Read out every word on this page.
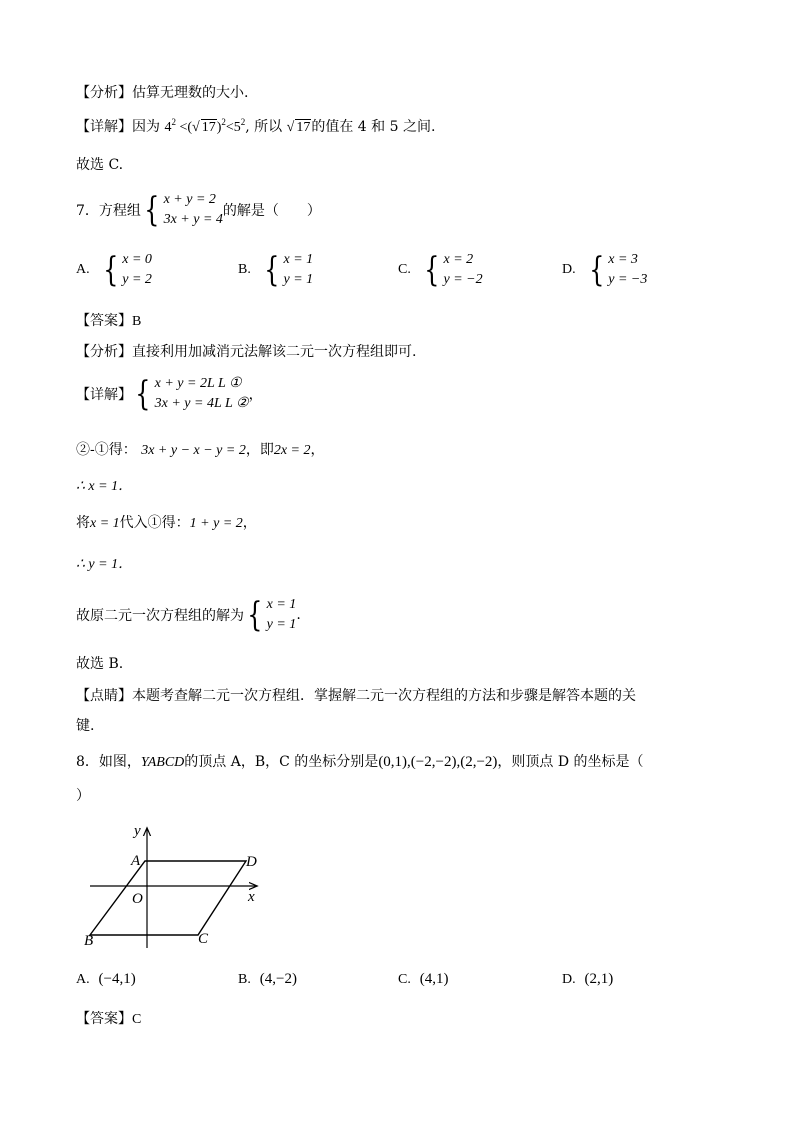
【分析】估算无理数的大小.
【详解】因为 $4^2$ <(√ $17)^2<5^2$, 所以 √ 17的值在 4 和 5 之间.
故选 C.
7．方程组 { x + y = 2
3x + y = 4
的解是（　　）
A. { x = 0
y = 2
B. { x = 1
y = 1
C. { x = 2
y = −2
D. { x = 3
y = −3
【答案】B
【分析】直接利用加减消元法解该二元一次方程组即可.
【详解】 { x + y = 2L L ①
3x + y = 4L L ②
，
②-①得： 3x + y − x − y = 2，即2x = 2，
∴ x = 1．
将x = 1代入①得：1 + y = 2，
∴ y = 1．
故原二元一次方程组的解为 { x = 1
y = 1
.
故选 B.
【点睛】本题考查解二元一次方程组．掌握解二元一次方程组的方法和步骤是解答本题的关
键.
8．如图，YABCD的顶点 A，B，C 的坐标分别是(0,1),(−2,−2),(2,−2)，则顶点 D 的坐标是（
）
y
x
O
A	D
B	C
A. (−4,1)	B. (4,−2)	C. (4,1)	D. (2,1)
【答案】C
